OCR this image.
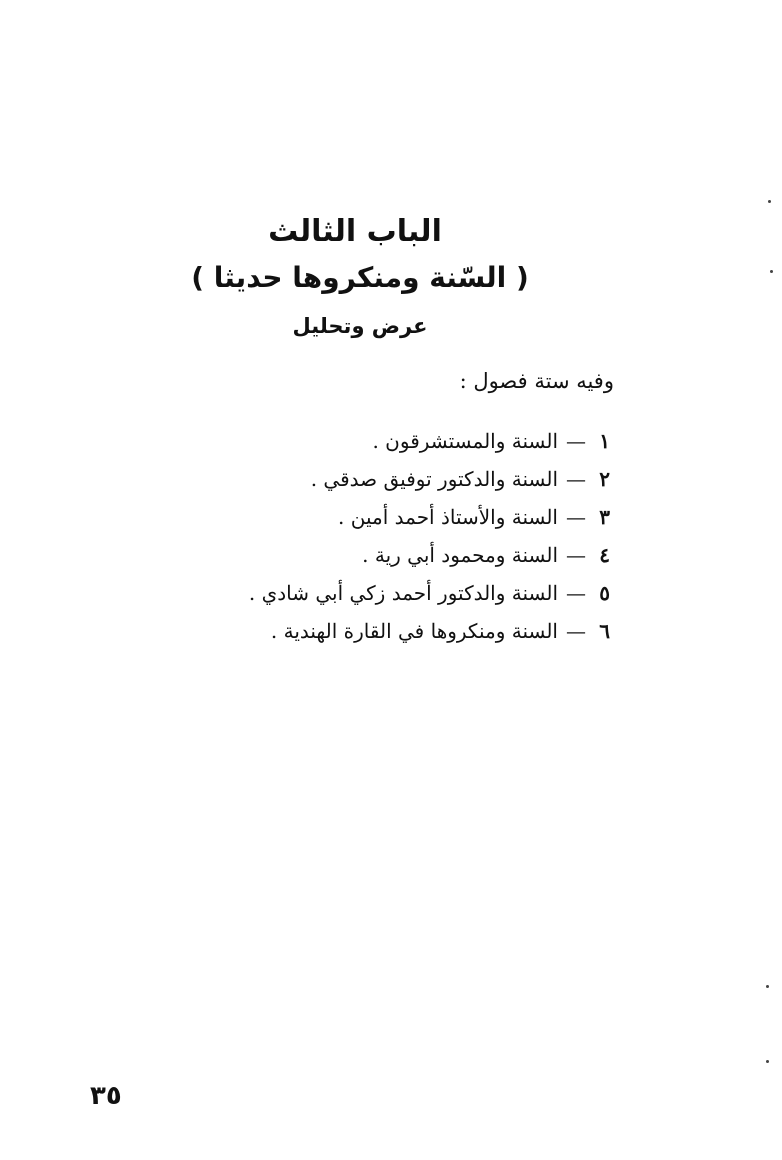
الباب الثالث
( السّنة ومنكروها حديثا )
عرض وتحليل
وفيه ستة فصول :
١—السنة والمستشرقون .
٢—السنة والدكتور توفيق صدقي .
٣—السنة والأستاذ أحمد أمين .
٤—السنة ومحمود أبي رية .
٥—السنة والدكتور أحمد زكي أبي شادي .
٦—السنة ومنكروها في القارة الهندية .
٣٥
